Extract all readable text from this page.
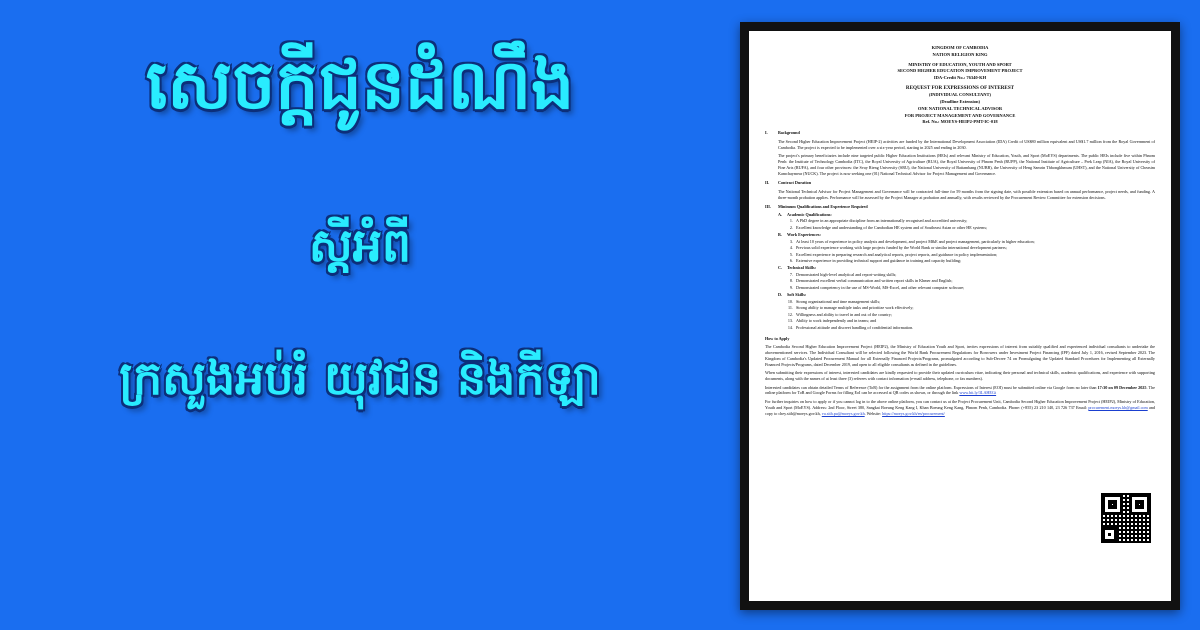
សេចក្តីជូនដំណឹង
ស្តីអំពី
ក្រសួងអប់រំ យុវជន និងកីឡា
KINGDOM OF CAMBODIA
NATION RELIGION KING
MINISTRY OF EDUCATION, YOUTH AND SPORT
SECOND HIGHER EDUCATION IMPROVEMENT PROJECT
IDA-Credit No.: 76340-KH
REQUEST FOR EXPRESSIONS OF INTEREST
(INDIVIDUAL CONSULTANT)
(Deadline Extension)
ONE NATIONAL TECHNICAL ADVISOR
FOR PROJECT MANAGEMENT AND GOVERNANCE
Ref. No.: MOEYS-HEIP2-PMT-IC-018
I.	Background

The Second Higher Education Improvement Project (HEIP-2) activities are funded by the International Development Association (IDA) Credit of US$80 million equivalent and US$1.7 million from the Royal Government of Cambodia. The project is expected to be implemented over a six-year period, starting in 2025 and ending in 2030.

The project's primary beneficiaries include nine targeted public Higher Education Institutions (HEIs) and relevant Ministry of Education, Youth, and Sport (MoEYS) departments. The public HEIs include five within Phnom Penh: the Institute of Technology Cambodia (ITC), the Royal University of Agriculture (RUA), the Royal University of Phnom Penh (RUPP), the National Institute of Agriculture – Prek Leap (NIA), the Royal University of Fine Arts (RUFA), and four other provinces: the Svay Rieng University (SRU), the National University of Battambang (NUBB), the University of Heng Samrin Thbongkhmum (UHST), and the National University of Cheasim Kamchaymear (NUCK). The project is now seeking one (01) National Technical Advisor for Project Management and Governance.

II.	Contract Duration

The National Technical Advisor for Project Management and Governance will be contracted full-time for 59 months from the signing date, with possible extension based on annual performance, project needs, and funding. A three-month probation applies. Performance will be assessed by the Project Manager at probation and annually, with results reviewed by the Procurement Review Committee for extension decisions.

III.	Minimum Qualifications and Experience Required
A.	Academic Qualifications:
1. A PhD degree in an appropriate discipline from an internationally recognised and accredited university;
2. Excellent knowledge and understanding of the Cambodian HE system and of Southeast Asian or other HE systems;
B.	Work Experiences:
3. At least 10 years of experience in policy analysis and development, and project M&E and project management, particularly in higher education;
4. Previous solid experience working with large projects funded by the World Bank or similar international development partners;
5. Excellent experience in preparing research and analytical reports, project reports, and guidance in policy implementation;
6. Extensive experience in providing technical support and guidance in training and capacity building;
C.	Technical Skills:
7. Demonstrated high-level analytical and report-writing skills;
8. Demonstrated excellent verbal communication and written report skills in Khmer and English;
9. Demonstrated competency in the use of MS-World, MS-Excel, and other relevant computer software;
D.	Soft Skills:
10. Strong organizational and time management skills;
11. Strong ability to manage multiple tasks and prioritize work effectively;
12. Willingness and ability to travel in and out of the country;
13. Ability to work independently and in teams; and
14. Professional attitude and discreet handling of confidential information.
How to Apply

The Cambodia Second Higher Education Improvement Project (HEIP2), the Ministry of Education Youth and Sport, invites expressions of interest from suitably qualified and experienced individual consultants to undertake the abovementioned services. The Individual Consultant will be selected following the World Bank Procurement Regulations for Borrowers under Investment Project Financing (IPF) dated July 1, 2016, revised September 2023. The Kingdom of Cambodia's Updated Procurement Manual for all Externally Financed Projects/Programs, promulgated according to Sub-Decree 74 on Promulgating the Updated Standard Procedures for Implementing all Externally Financed Projects/Programs, dated December 2019, and open to all eligible consultants as defined in the guidelines.

When submitting their expressions of interest, interested candidates are kindly requested to provide their updated curriculum vitae, indicating their personal and technical skills, academic qualifications, and experience with supporting documents, along with the names of at least three (3) referees with contact information (e-mail address, telephone, or fax numbers).

Interested candidates can obtain detailed Terms of Reference (ToR) for the assignment from the online platform. Expressions of Interest (EOI) must be submitted online via Google form no later than 17:30 on 09 December 2025. The online platform for ToR and Google Forms for filling EoI can be accessed at QR codes as shown, or through the link www.bit.ly/3LAHEGi

For further inquiries on how to apply or if you cannot log in to the above online platform, you can contact us at the Project Procurement Unit, Cambodia Second Higher Education Improvement Project (HEIP2), Ministry of Education, Youth and Sport (MoEYS). Address: 2nd Floor, Street 380, Sangkat Boeung Keng Kang I, Khan Boeung Keng Kang, Phnom Penh, Cambodia. Phone: (+855) 23 210 140, 23 726 737 Email: procurement.moeys.kh@gmail.com and copy to chey.sith@moeys.gov.kh, va.sith.pu@moeys.gov.kh. Website: https://moeys.gov.kh/en/procurement/
